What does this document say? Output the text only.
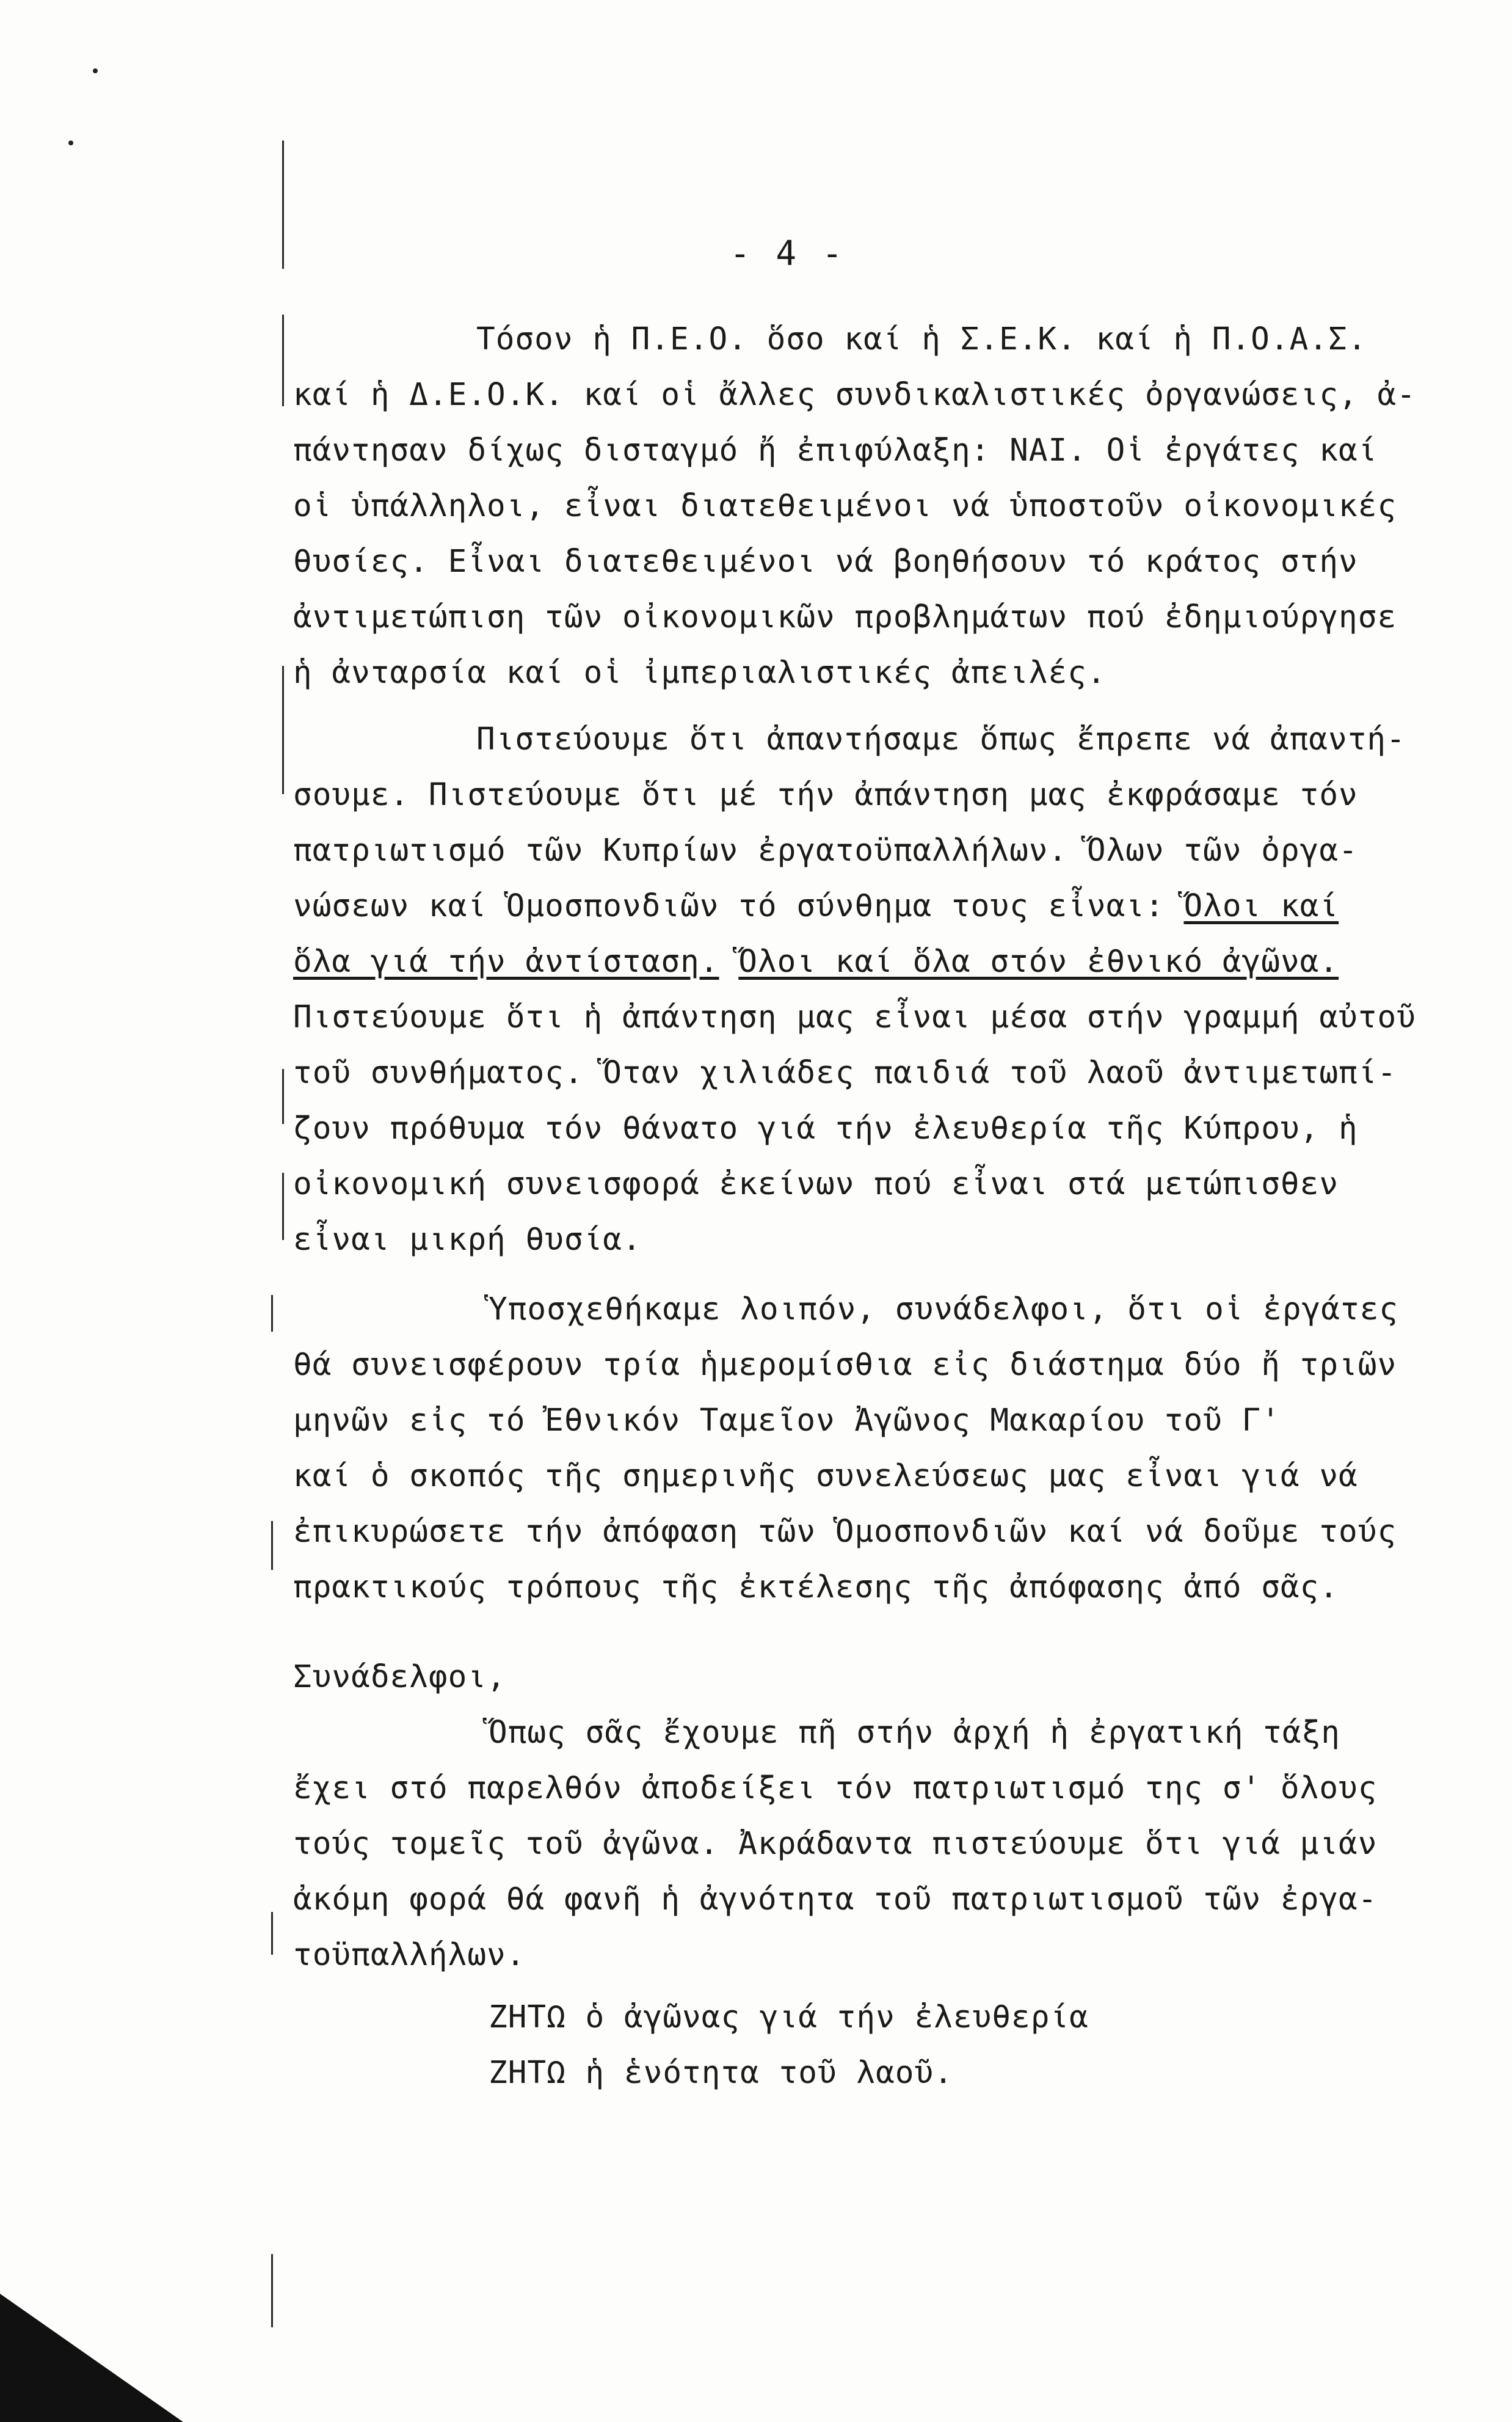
- 4 -
Τόσον ἡ Π.Ε.Ο. ὅσο καί ἡ Σ.Ε.Κ. καί ἡ Π.Ο.Α.Σ.
καί ἡ Δ.Ε.Ο.Κ. καί οἱ ἄλλες συνδικαλιστικές ὀργανώσεις, ἀ-
πάντησαν δίχως δισταγμό ἤ ἐπιφύλαξη: ΝΑΙ. Οἱ ἐργάτες καί
οἱ ὑπάλληλοι, εἶναι διατεθειμένοι νά ὑποστοῦν οἰκονομικές
θυσίες. Εἶναι διατεθειμένοι νά βοηθήσουν τό κράτος στήν
ἀντιμετώπιση τῶν οἰκονομικῶν προβλημάτων πού ἐδημιούργησε
ἡ ἀνταρσία καί οἱ ἰμπεριαλιστικές ἀπειλές.
Πιστεύουμε ὅτι ἀπαντήσαμε ὅπως ἔπρεπε νά ἀπαντή-
σουμε. Πιστεύουμε ὅτι μέ τήν ἀπάντηση μας ἐκφράσαμε τόν
πατριωτισμό τῶν Κυπρίων ἐργατοϋπαλλήλων. Ὅλων τῶν ὀργα-
νώσεων καί Ὁμοσπονδιῶν τό σύνθημα τους εἶναι: Ὅλοι καί
ὅλα γιά τήν ἀντίσταση. Ὅλοι καί ὅλα στόν ἐθνικό ἀγῶνα.
Πιστεύουμε ὅτι ἡ ἀπάντηση μας εἶναι μέσα στήν γραμμή αὐτοῦ
τοῦ συνθήματος. Ὅταν χιλιάδες παιδιά τοῦ λαοῦ ἀντιμετωπί-
ζουν πρόθυμα τόν θάνατο γιά τήν ἐλευθερία τῆς Κύπρου, ἡ
οἰκονομική συνεισφορά ἐκείνων πού εἶναι στά μετώπισθεν
εἶναι μικρή θυσία.
Ὑποσχεθήκαμε λοιπόν, συνάδελφοι, ὅτι οἱ ἐργάτες
θά συνεισφέρουν τρία ἡμερομίσθια εἰς διάστημα δύο ἤ τριῶν
μηνῶν εἰς τό Ἐθνικόν Ταμεῖον Ἀγῶνος Μακαρίου τοῦ Γ'
καί ὁ σκοπός τῆς σημερινῆς συνελεύσεως μας εἶναι γιά νά
ἐπικυρώσετε τήν ἀπόφαση τῶν Ὁμοσπονδιῶν καί νά δοῦμε τούς
πρακτικούς τρόπους τῆς ἐκτέλεσης τῆς ἀπόφασης ἀπό σᾶς.
Συνάδελφοι,
Ὅπως σᾶς ἔχουμε πῆ στήν ἀρχή ἡ ἐργατική τάξη
ἔχει στό παρελθόν ἀποδείξει τόν πατριωτισμό της σ' ὅλους
τούς τομεῖς τοῦ ἀγῶνα. Ἀκράδαντα πιστεύουμε ὅτι γιά μιάν
ἀκόμη φορά θά φανῆ ἡ ἀγνότητα τοῦ πατριωτισμοῦ τῶν ἐργα-
τοϋπαλλήλων.
ΖΗΤΩ ὁ ἀγῶνας γιά τήν ἐλευθερία
ΖΗΤΩ ἡ ἑνότητα τοῦ λαοῦ.
